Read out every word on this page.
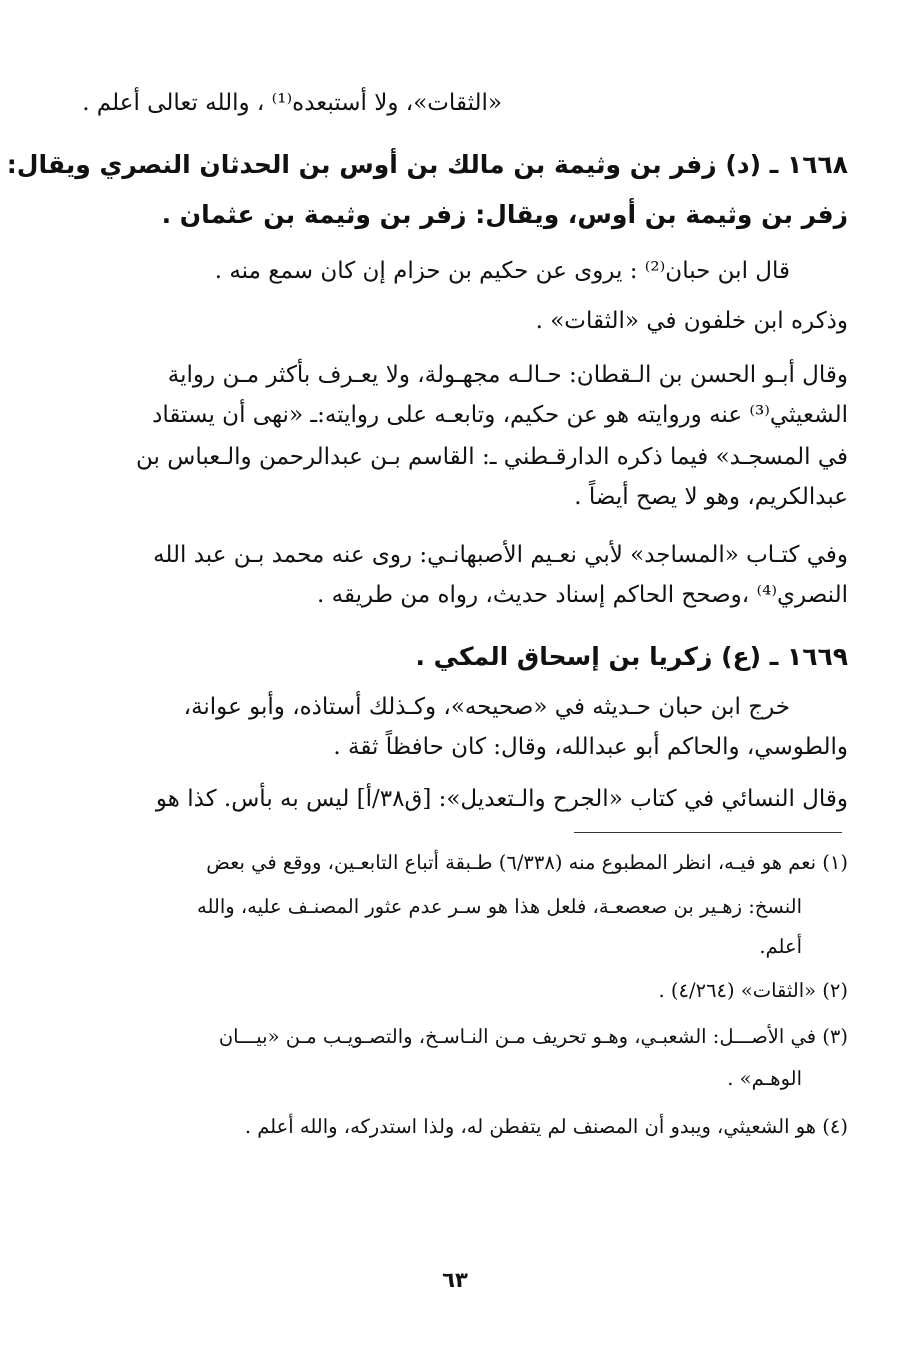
«الثقات»، ولا أستبعده⁽¹⁾ ، والله تعالى أعلم .
١٦٦٨ ـ (د) زفر بن وثيمة بن مالك بن أوس بن الحدثان النصري ويقال:
زفر بن وثيمة بن أوس، ويقال: زفر بن وثيمة بن عثمان .
قال ابن حبان⁽²⁾ : يروى عن حكيم بن حزام إن كان سمع منه .
وذكره ابن خلفون في «الثقات» .
وقال أبـو الحسن بن الـقطان: حـالـه مجهـولة، ولا يعـرف بأكثر مـن رواية
الشعيثي⁽³⁾ عنه وروايته هو عن حكيم، وتابعـه على روايته:ـ «نهى أن يستقاد
في المسجـد» فيما ذكره الدارقـطني ـ: القاسم بـن عبدالرحمن والـعباس بن
عبدالكريم، وهو لا يصح أيضاً .
وفي كتـاب «المساجد» لأبي نعـيم الأصبهانـي: روى عنه محمد بـن عبد الله
النصري⁽⁴⁾ ،وصحح الحاكم إسناد حديث، رواه من طريقه .
١٦٦٩ ـ (ع) زكريا بن إسحاق المكي .
خرج ابن حبان حـديثه في «صحيحه»، وكـذلك أستاذه، وأبو عوانة،
والطوسي، والحاكم أبو عبدالله، وقال: كان حافظاً ثقة .
وقال النسائي في كتاب «الجرح والـتعديل»: [ق٣٨/أ] ليس به بأس. كذا هو
(١) نعم هو فيـه، انظر المطبوع منه (٦/٣٣٨) طـبقة أتباع التابعـين، ووقع في بعض
النسخ: زهـير بن صعصعـة، فلعل هذا هو سـر عدم عثور المصنـف عليه، والله
أعلم.
(٢) «الثقات» (٤/٢٦٤) .
(٣) في الأصـــل: الشعبـي، وهـو تحريف مـن النـاسـخ، والتصـويـب مـن «بيـــان
الوهـم» .
(٤) هو الشعيثي، ويبدو أن المصنف لم يتفطن له، ولذا استدركه، والله أعلم .
٦٣
